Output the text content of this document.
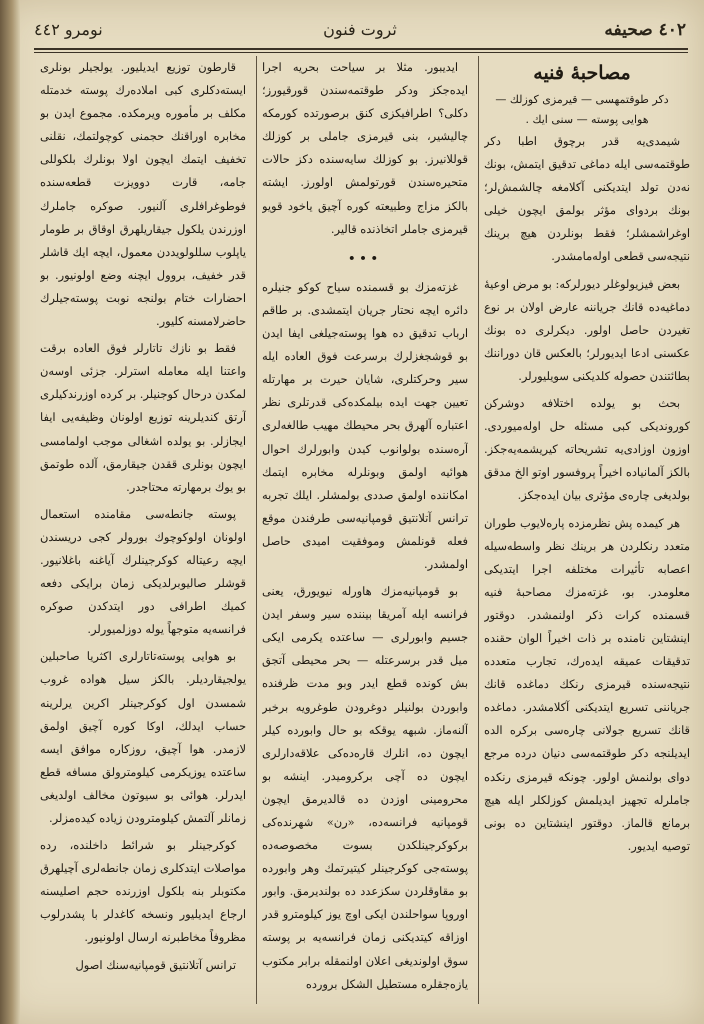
٤٠٢ صحيفه
ثروت فنون
نومرو ٤٤٢

مصاحبهٔ فنیه

دکر طوقتمهسی — قیرمزی کوزلك — هوایی پوسته — سنی ایك .

شیمدی‌یه قدر برچوق اطبا دکر طوقتمه‌سی ایله دماغی تدقیق ایتمش، بونك نه‌دن تولد ایتدیکنی آکلامغه چالشمش‌لر؛ بونك بردوای مؤثر بولمق ایچون خیلی اوغراشمشلر؛ فقط بونلردن هیچ برینك نتیجه‌سی قطعی اوله‌مامشدر.

بعض فیزیولوغلر دیورلرکه: بو مرض اوعیهٔ دماغیه‌ده قانك جریاننه عارض اولان بر نوع تغیردن حاصل اولور. دیکرلری ده بونك عکسنی ادعا ایدیورلر؛ بالعکس قان دوراننك بطائتندن حصوله کلدیکنی سویلیورلر.

بحث بو یولده اختلافه دوشرکن کوروندیکی کبی مسئله حل اوله‌میوردی. اوزون اوزادی‌یه تشریحاته کیریشمه‌یه‌جکز. بالکز آلمانیاده اخیراً پروفسور اوتو الخ مدقق بولدیغی چاره‌ی مؤثری بیان ایده‌جکز.

هر کیمده پش نظرمزده پاره‌لایوب طوران متعدد رنکلردن هر برینك نظر واسطه‌سیله اعصابه تأثیرات مختلفه اجرا ایتدیکی معلومدر. بو، غزته‌مزك مصاحبهٔ فنیه قسمنده کرات ذکر اولنمشدر. دوقتور اینشتاین نامنده بر ذات اخیراً الوان حقنده تدقیقات عمیقه ایده‌رك، تجارب متعدده نتیجه‌سنده قیرمزی رنکك دماغده قانك جریاننی تسریع ایتدیکنی آکلامشدر. دماغده قانك تسریع جولانی چاره‌سی برکره الده ایدیلنجه دکر طوقتمه‌سی دنیان درده مرجع دوای بولنمش اولور. چونکه قیرمزی رنکده جاملرله تجهیز ایدیلمش کوزلکلر ایله هیچ برمانع قالماز. دوقتور اینشتاین ده بونی توصیه ایدیور.

ایدیبور. مثلا بر سیاحت بحریه اجرا ایده‌جکز ودکر طوقتمه‌سندن قورقیورز؛ دکلی؟ اطرافیکزی کنق برصورتده کورمکه چالیشیر، بنی قیرمزی جاملی بر کوزلك قوللانیرز. بو کوزلك سایه‌سنده دکز حالات متحیره‌سندن قورتولمش اولورز. ایشته بالکز مزاج وطبیعته کوره آچیق یاخود قویو قیرمزی جاملر اتخاذنده قالیر.

•••

غزته‌مزك بو قسمنده سیاح کوکو جنیلره دائره ایچه نحتار جریان ایتمشدی. بر طاقم ارباب تدقیق ده هوا پوسته‌جیلغی ایفا ایدن بو قوشجغزلرك برسرعت فوق العاده ایله سیر وحرکتلری، شایان حیرت بر مهارتله تعیین جهت ایده بیلمکده‌کی قدرتلری نظر اعتباره آلهرق بحر محیطك مهیب طالغه‌لری آره‌سنده بولوانوب کیدن وابورلرك احوال هوائیه اولمق وبونلرله مخابره ایتمك امکاننده اولمق صددی بولمشلر. ایلك تجربه ترانس آتلانتیق قومپانیه‌سی طرفندن موقع فعله قونلمش وموفقیت امیدی حاصل اولمشدر.

بو قومپانیه‌مزك هاورله نیویورق، یعنی فرانسه ایله آمریقا بیننده سیر وسفر ایدن جسیم وابورلری — ساعتده یکرمی ایکی میل قدر برسرعتله — بحر محیطی آتجق بش کونده قطع ایدر وبو مدت ظرفنده وابوردن بولنیلر دوغرودن طوغرویه برخبر آلنه‌ماز. شبهه یوقکه بو حال وابورده کیلر ایچون ده، انلرك قاره‌ده‌کی علاقه‌دارلری ایچون ده آچی برکرومیدر. اینشه بو محرومینی اوزدن ده قالدیرمق ایچون قومپانیه فرانسه‌ده، «رن» شهرنده‌کی برکوکرجینلکدن بسوت مخصوصه‌ده پوسته‌جی کوکرجینلر کیتیرتمك وهر وابورده بو مقاوقلردن سکزعدد ده بولندیرمق. وابور اوروپا سواحلندن ایکی اوچ یوز کیلومترو قدر اوزاقه کیتدیکنی زمان فرانسه‌یه بر پوسته سوق اولوندیغی اعلان اولنمقله برابر مکتوب یازه‌جقلره مستطیل الشکل برورده

قارطون توزیع ایدیلیور. یولجیلر بونلری ایسته‌دکلری کبی املاده‌رك پوسته خدمتله مکلف بر مأموره ویرمکده. مجموع ایدن بو مخابره اوراقنك حجمنی کوچولتمك، نقلنی تخفیف ایتمك ایچون اولا بونلرك بلکوللی جامه، قارت دوویزت قطعه‌سنده فوطوغرافلری آلنیور. صوکره جاملرك اوزرندن یلکول جیقاریلهرق اوقاق بر طومار یاپلوب سللولویددن معمول، ایچه ایك قاشلر قدر خفیف، بروول ایچنه وضع اولونیور. بو احضارات ختام بولنجه نوبت پوسته‌جیلرك حاضرلامسنه کلیور.

فقط بو نازك تاتارلر فوق العاده برقت واعتنا ایله معامله استرلر. جزئی اوسه‌ن لمکدن درحال کوجنیلر. بر کرده اوزرندکیلری آرتق کندیلرینه توزیع اولونان وظیفه‌یی ایفا ایجازلر. بو یولده اشغالی موجب اولمامسی ایچون بونلری ققدن جیقارمق، آلده طوتمق بو یوك برمهارته محتاجدر.

پوسته جانطه‌سی مقامنده استعمال اولونان اولوکوچوك بورولر کجی دریسندن ایچه رعیتاله کوکرجینلرك آیاغنه باغلانیور. قوشلر صالیوبرلدیکی زمان برایکی دفعه کمیك اطرافی دور ایتدکدن صوکره فرانسه‌یه متوجهاً یوله دوزلمیورلر.

بو هوایی پوسته‌تاتارلری اکثریا صاحبلین یولجیقاردیلر. بالکز سیل هواده غروب شمسدن اول کوکرجینلر اکرین یرلرینه حساب ایدلك، اوکا کوره آچیق اولمق لازمدر. هوا آچیق، روزکاره موافق ایسه ساعتده یوزیکرمی کیلومترولق مسافه قطع ایدرلر. هوائی بو سیوتون مخالف اولدیغی زمانلر آلتمش کیلومترودن زیاده کیده‌مزلر.

کوکرجینلر بو شرائط داخلنده، رده مواصلات ایتدکلری زمان جانطه‌لری آچیلهرق مکتوبلر بنه بلکول اوزرنده حجم اصلیسنه ارجاع ایدیلیور ونسخه کاغدلر با پشدرلوب مظروفاً مخاطبرنه ارسال اولونیور.

ترانس آتلانتیق قومپانیه‌سنك اصول
